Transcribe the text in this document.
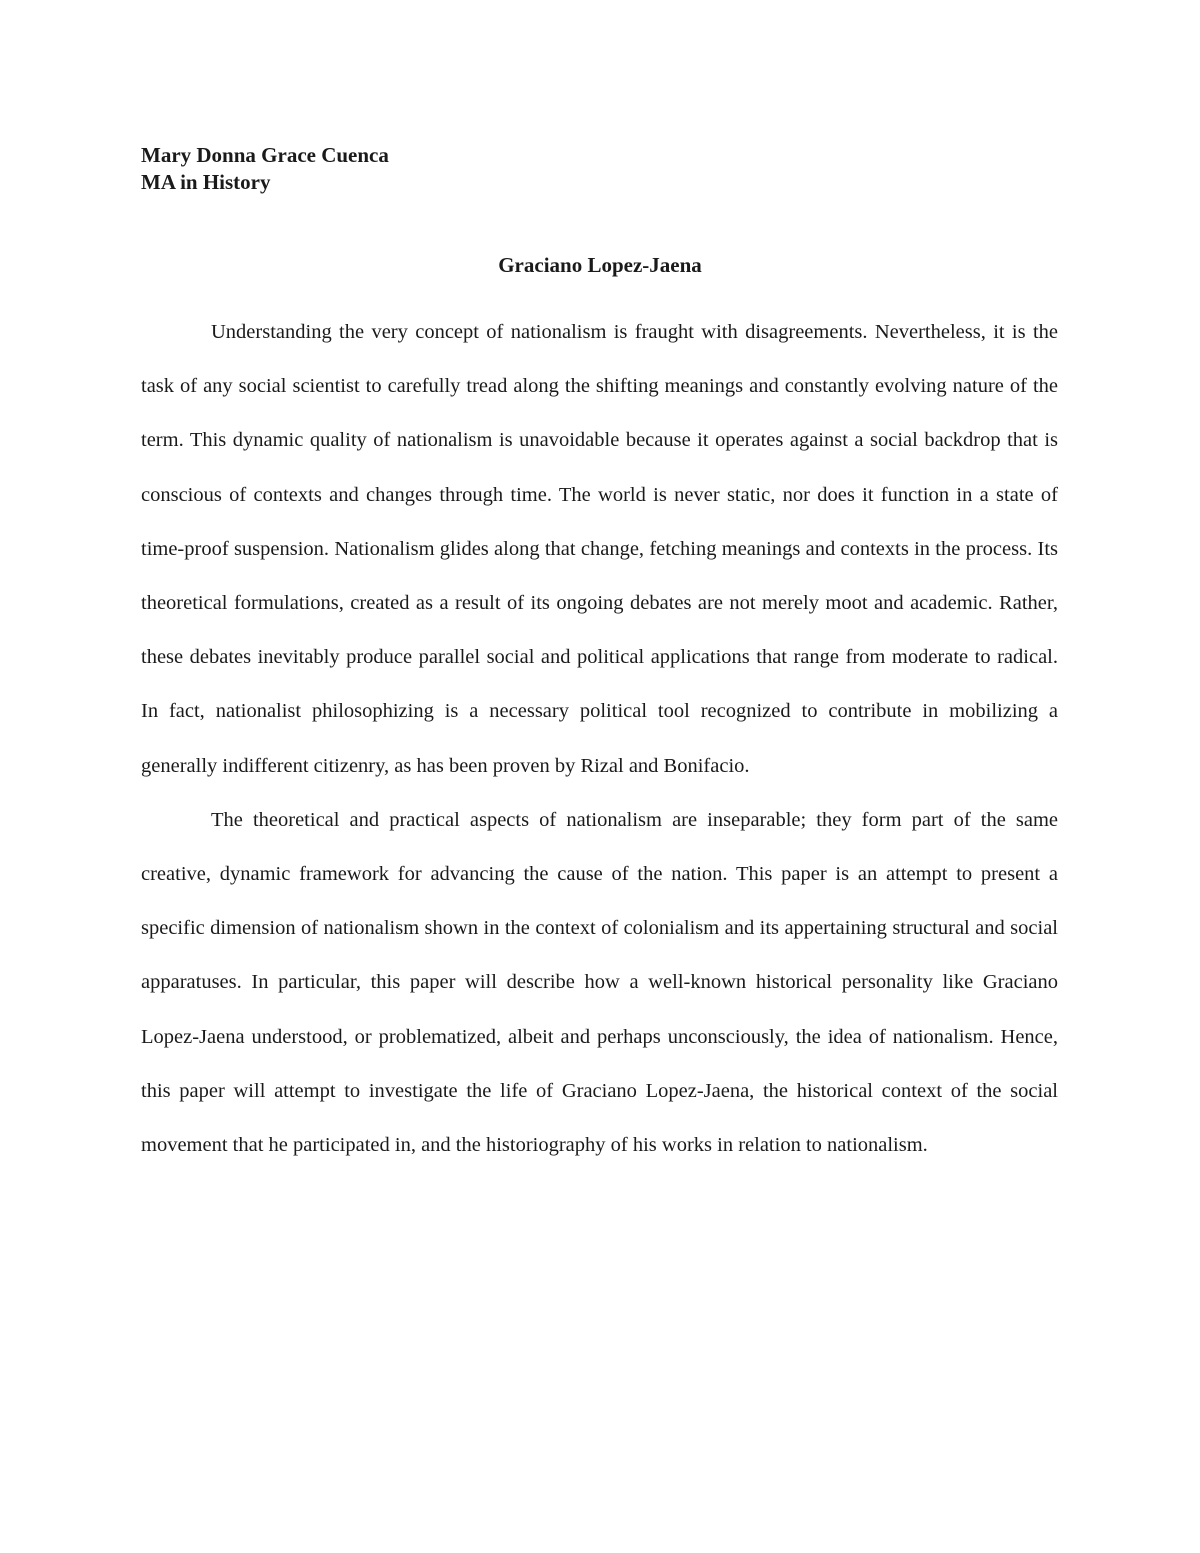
Mary Donna Grace Cuenca
MA in History
Graciano Lopez-Jaena

Understanding the very concept of nationalism is fraught with disagreements. Nevertheless, it is the task of any social scientist to carefully tread along the shifting meanings and constantly evolving nature of the term. This dynamic quality of nationalism is unavoidable because it operates against a social backdrop that is conscious of contexts and changes through time. The world is never static, nor does it function in a state of time-proof suspension. Nationalism glides along that change, fetching meanings and contexts in the process. Its theoretical formulations, created as a result of its ongoing debates are not merely moot and academic. Rather, these debates inevitably produce parallel social and political applications that range from moderate to radical. In fact, nationalist philosophizing is a necessary political tool recognized to contribute in mobilizing a generally indifferent citizenry, as has been proven by Rizal and Bonifacio.

The theoretical and practical aspects of nationalism are inseparable; they form part of the same creative, dynamic framework for advancing the cause of the nation. This paper is an attempt to present a specific dimension of nationalism shown in the context of colonialism and its appertaining structural and social apparatuses. In particular, this paper will describe how a well-known historical personality like Graciano Lopez-Jaena understood, or problematized, albeit and perhaps unconsciously, the idea of nationalism. Hence, this paper will attempt to investigate the life of Graciano Lopez-Jaena, the historical context of the social movement that he participated in, and the historiography of his works in relation to nationalism.
